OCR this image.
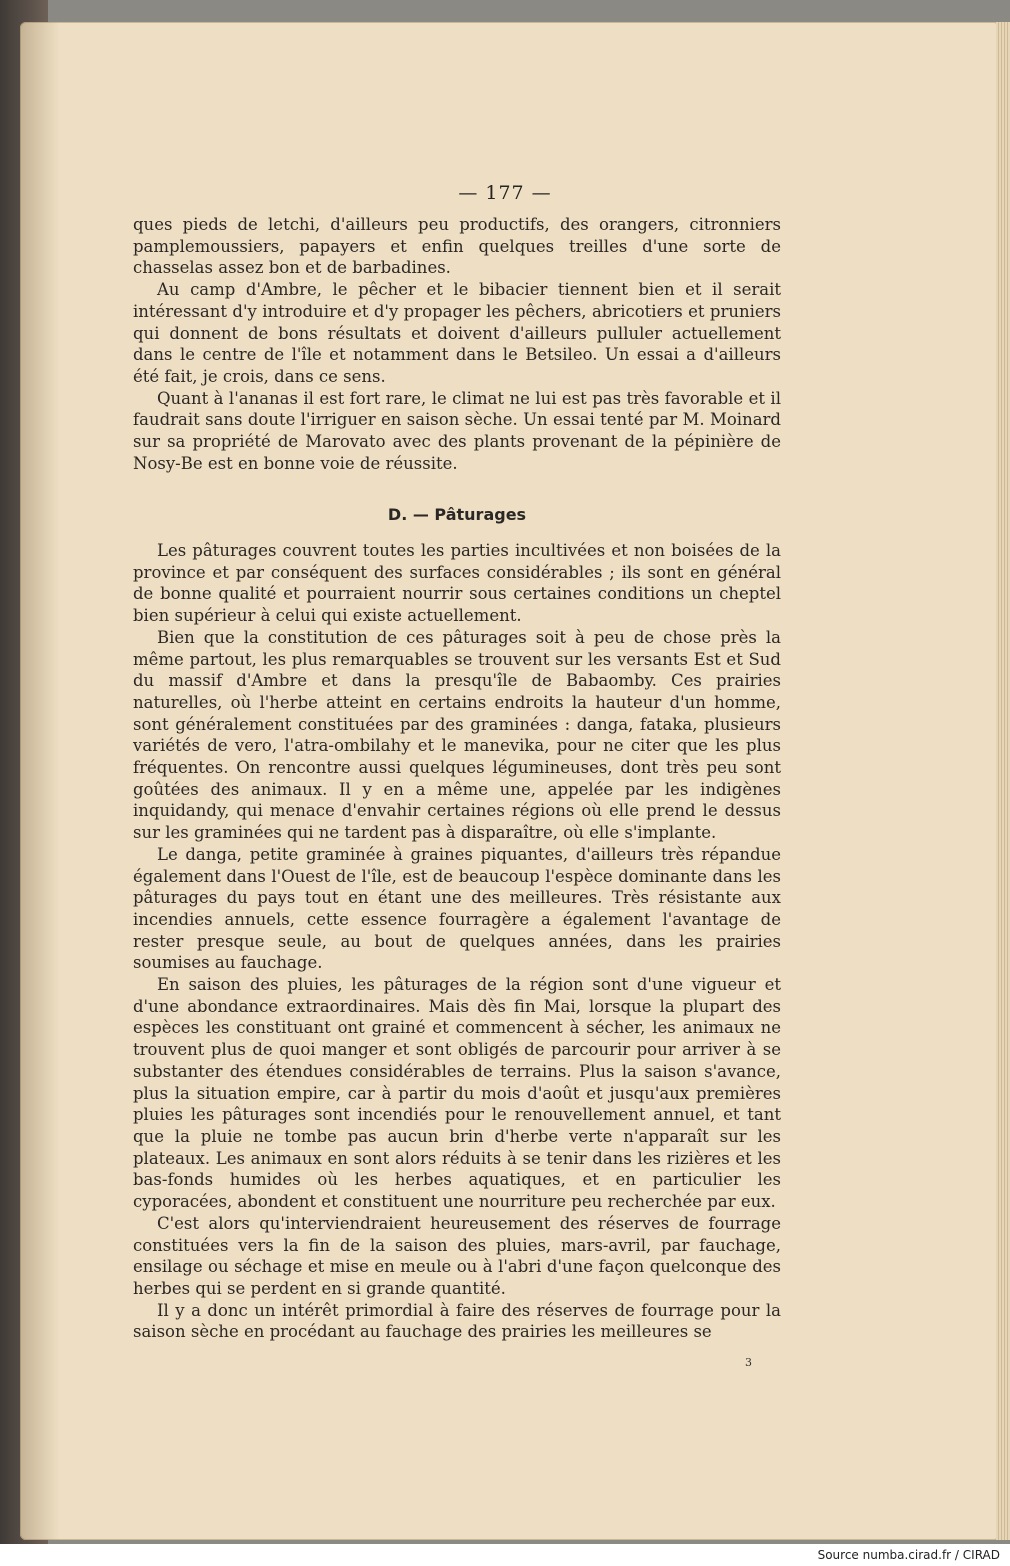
— 177 —

ques pieds de letchi, d'ailleurs peu productifs, des orangers, citronniers pamplemoussiers, papayers et enfin quelques treilles d'une sorte de chasselas assez bon et de barbadines.

Au camp d'Ambre, le pêcher et le bibacier tiennent bien et il serait intéressant d'y introduire et d'y propager les pêchers, abricotiers et pruniers qui donnent de bons résultats et doivent d'ailleurs pulluler actuellement dans le centre de l'île et notamment dans le Betsileo. Un essai a d'ailleurs été fait, je crois, dans ce sens.

Quant à l'ananas il est fort rare, le climat ne lui est pas très favorable et il faudrait sans doute l'irriguer en saison sèche. Un essai tenté par M. Moinard sur sa propriété de Marovato avec des plants provenant de la pépinière de Nosy-Be est en bonne voie de réussite.

D. — Pâturages

Les pâturages couvrent toutes les parties incultivées et non boisées de la province et par conséquent des surfaces considérables ; ils sont en général de bonne qualité et pourraient nourrir sous certaines conditions un cheptel bien supérieur à celui qui existe actuellement.

Bien que la constitution de ces pâturages soit à peu de chose près la même partout, les plus remarquables se trouvent sur les versants Est et Sud du massif d'Ambre et dans la presqu'île de Babaomby. Ces prairies naturelles, où l'herbe atteint en certains endroits la hauteur d'un homme, sont généralement constituées par des graminées : danga, fataka, plusieurs variétés de vero, l'atra-ombilahy et le manevika, pour ne citer que les plus fréquentes. On rencontre aussi quelques légumineuses, dont très peu sont goûtées des animaux. Il y en a même une, appelée par les indigènes inquidandy, qui menace d'envahir certaines régions où elle prend le dessus sur les graminées qui ne tardent pas à disparaître, où elle s'implante.

Le danga, petite graminée à graines piquantes, d'ailleurs très répandue également dans l'Ouest de l'île, est de beaucoup l'espèce dominante dans les pâturages du pays tout en étant une des meilleures. Très résistante aux incendies annuels, cette essence fourragère a également l'avantage de rester presque seule, au bout de quelques années, dans les prairies soumises au fauchage.

En saison des pluies, les pâturages de la région sont d'une vigueur et d'une abondance extraordinaires. Mais dès fin Mai, lorsque la plupart des espèces les constituant ont grainé et commencent à sécher, les animaux ne trouvent plus de quoi manger et sont obligés de parcourir pour arriver à se substanter des étendues considérables de terrains. Plus la saison s'avance, plus la situation empire, car à partir du mois d'août et jusqu'aux premières pluies les pâturages sont incendiés pour le renouvellement annuel, et tant que la pluie ne tombe pas aucun brin d'herbe verte n'apparaît sur les plateaux. Les animaux en sont alors réduits à se tenir dans les rizières et les bas-fonds humides où les herbes aquatiques, et en particulier les cyporacées, abondent et constituent une nourriture peu recherchée par eux.

C'est alors qu'interviendraient heureusement des réserves de fourrage constituées vers la fin de la saison des pluies, mars-avril, par fauchage, ensilage ou séchage et mise en meule ou à l'abri d'une façon quelconque des herbes qui se perdent en si grande quantité.

Il y a donc un intérêt primordial à faire des réserves de fourrage pour la saison sèche en procédant au fauchage des prairies les meilleures se

3
Source numba.cirad.fr / CIRAD
